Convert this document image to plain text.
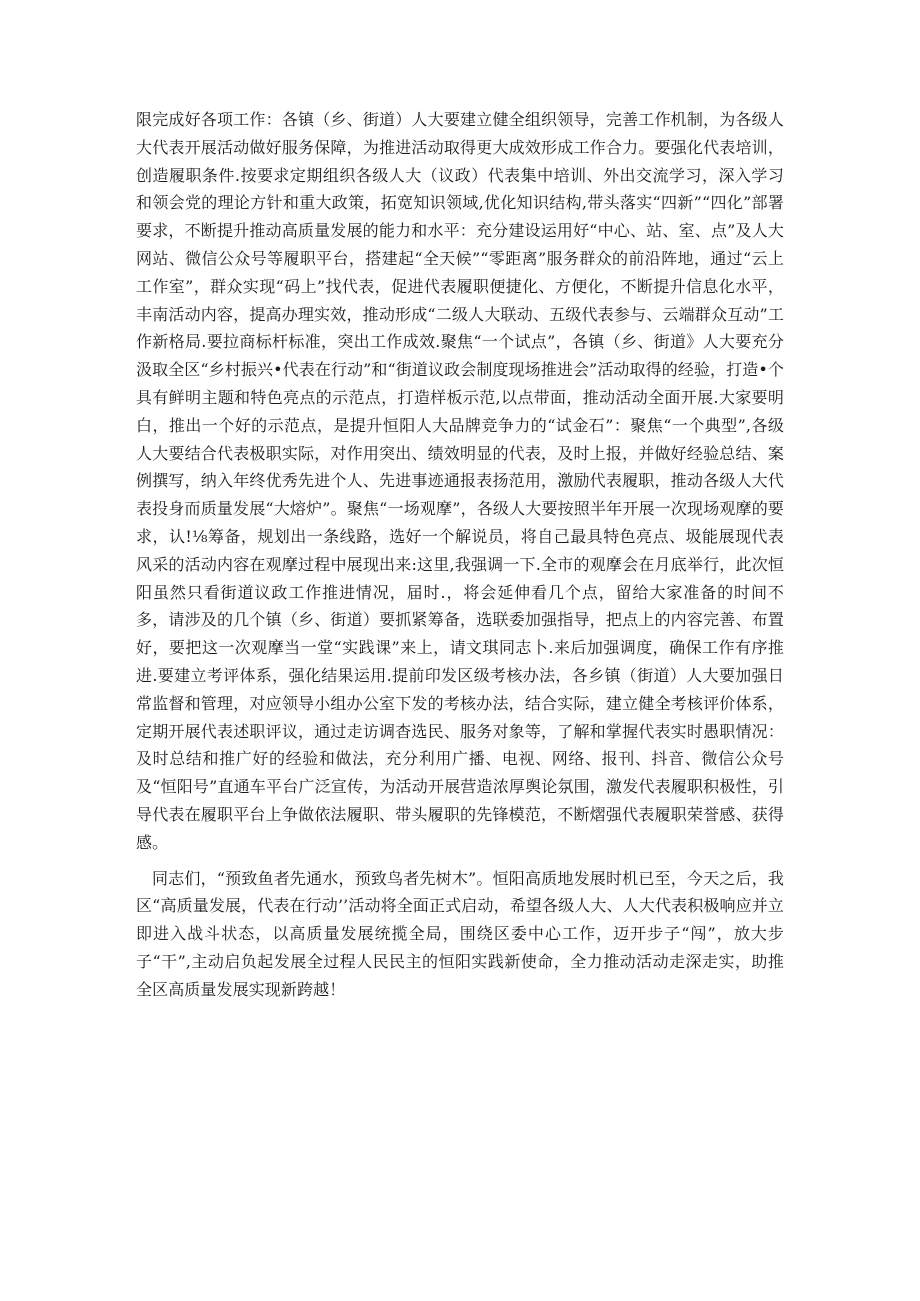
限完成好各项工作：各镇（乡、街道）人大要建立健全组织领导，完善工作机制，为各级人大代表开展活动做好服务保障，为推进活动取得更大成效形成工作合力。要强化代表培训，创造履职条件.按要求定期组织各级人大（议政）代表集中培训、外出交流学习，深入学习和领会党的理论方针和重大政策，拓宽知识领域,优化知识结构,带头落实“四新”“四化”部署要求，不断提升推动高质量发展的能力和水平：充分建设运用好“中心、站、室、点”及人大网站、微信公众号等履职平台，搭建起“全天候”“零距离”服务群众的前沿阵地，通过“云上工作室”，群众实现“码上”找代表，促进代表履职便捷化、方便化，不断提升信息化水平，丰南活动内容，提高办理实效，推动形成“二级人大联动、五级代表参与、云端群众互动”工作新格局.要拉商标杆标准，突出工作成效.聚焦“一个试点”，各镇（乡、街道》人大要充分汲取全区“乡村振兴•代表在行动”和“街道议政会制度现场推进会”活动取得的经验，打造•个具有鲜明主题和特色亮点的示范点，打造样板示范,以点带面，推动活动全面开展.大家要明白，推出一个好的示范点，是提升恒阳人大品牌竞争力的“试金石”：聚焦“一个典型”,各级人大要结合代表极职实际，对作用突出、绩效明显的代表，及时上报，并做好经验总结、案例撰写，纳入年终优秀先进个人、先进事迹通报表扬范用，激励代表履职，推动各级人大代表投身而质量发展“大熔炉”。聚焦“一场观摩”，各级人大要按照半年开展一次现场观摩的要求，认!⅛筹备，规划出一条线路，选好一个解说员，将自己最具特色亮点、圾能展现代表风采的活动内容在观摩过程中展现出来:这里,我强调一下.全市的观摩会在月底举行，此次恒阳虽然只看街道议政工作推进情况，届时.，将会延伸看几个点，留给大家准备的时间不多，请涉及的几个镇（乡、街道）要抓紧筹备，选联委加强指导，把点上的内容完善、布置好，要把这一次观摩当一堂“实践课”来上，请文琪同志卜.来后加强调度，确保工作有序推进.要建立考评体系，强化结果运用.提前印发区级考核办法，各乡镇（街道）人大要加强日常监督和管理，对应领导小组办公室下发的考核办法，结合实际，建立健全考核评价体系，定期开展代表述职评议，通过走访调杳选民、服务对象等，了解和掌握代表实时愚职情况：及时总结和推广好的经验和做法，充分利用广播、电视、网络、报刊、抖音、微信公众号及“恒阳号”直通车平台广泛宣传，为活动开展营造浓厚舆论氛围，激发代表履职积极性，引导代表在履职平台上争做依法履职、带头履职的先锋模范，不断熠强代表履职荣誉感、获得感。

同志们，“预致鱼者先通水，预致鸟者先树木”。恒阳高质地发展时机已至，今天之后，我区“高质量发展，代表在行动’’活动将全面正式启动，希望各级人大、人大代表积极响应并立即进入战斗状态，以高质量发展统揽全局，围绕区委中心工作，迈开步子“闯”，放大步子“干”,主动启负起发展全过程人民民主的恒阳实践新使命，全力推动活动走深走实，助推全区高质量发展实现新跨越！
